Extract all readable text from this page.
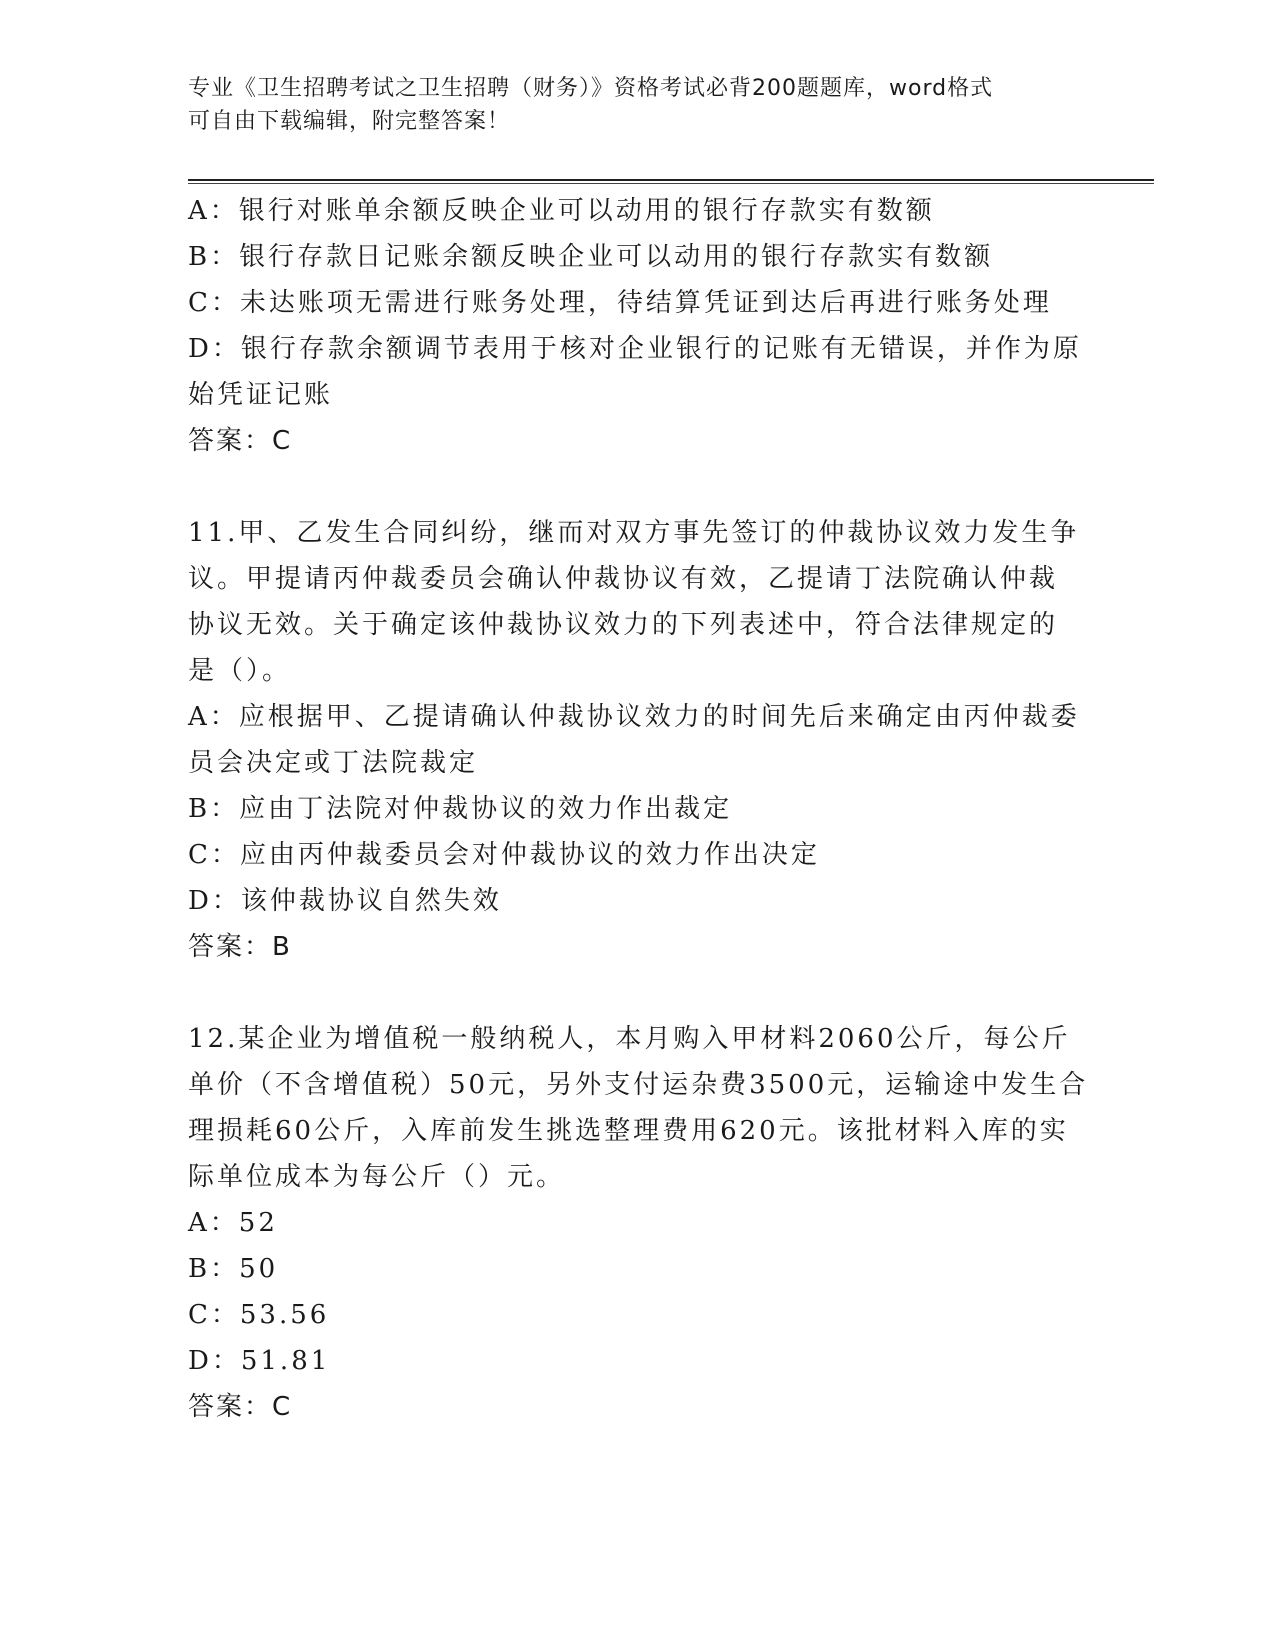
专业《卫生招聘考试之卫生招聘（财务）》资格考试必背200题题库，word格式
可自由下载编辑，附完整答案！
A：银行对账单余额反映企业可以动用的银行存款实有数额
B：银行存款日记账余额反映企业可以动用的银行存款实有数额
C：未达账项无需进行账务处理，待结算凭证到达后再进行账务处理
D：银行存款余额调节表用于核对企业银行的记账有无错误，并作为原
始凭证记账
答案：C
11.甲、乙发生合同纠纷，继而对双方事先签订的仲裁协议效力发生争
议。甲提请丙仲裁委员会确认仲裁协议有效，乙提请丁法院确认仲裁
协议无效。关于确定该仲裁协议效力的下列表述中，符合法律规定的
是（）。
A：应根据甲、乙提请确认仲裁协议效力的时间先后来确定由丙仲裁委
员会决定或丁法院裁定
B：应由丁法院对仲裁协议的效力作出裁定
C：应由丙仲裁委员会对仲裁协议的效力作出决定
D：该仲裁协议自然失效
答案：B
12.某企业为增值税一般纳税人，本月购入甲材料2060公斤，每公斤
单价（不含增值税）50元，另外支付运杂费3500元，运输途中发生合
理损耗60公斤，入库前发生挑选整理费用620元。该批材料入库的实
际单位成本为每公斤（）元。
A：52
B：50
C：53.56
D：51.81
答案：C
